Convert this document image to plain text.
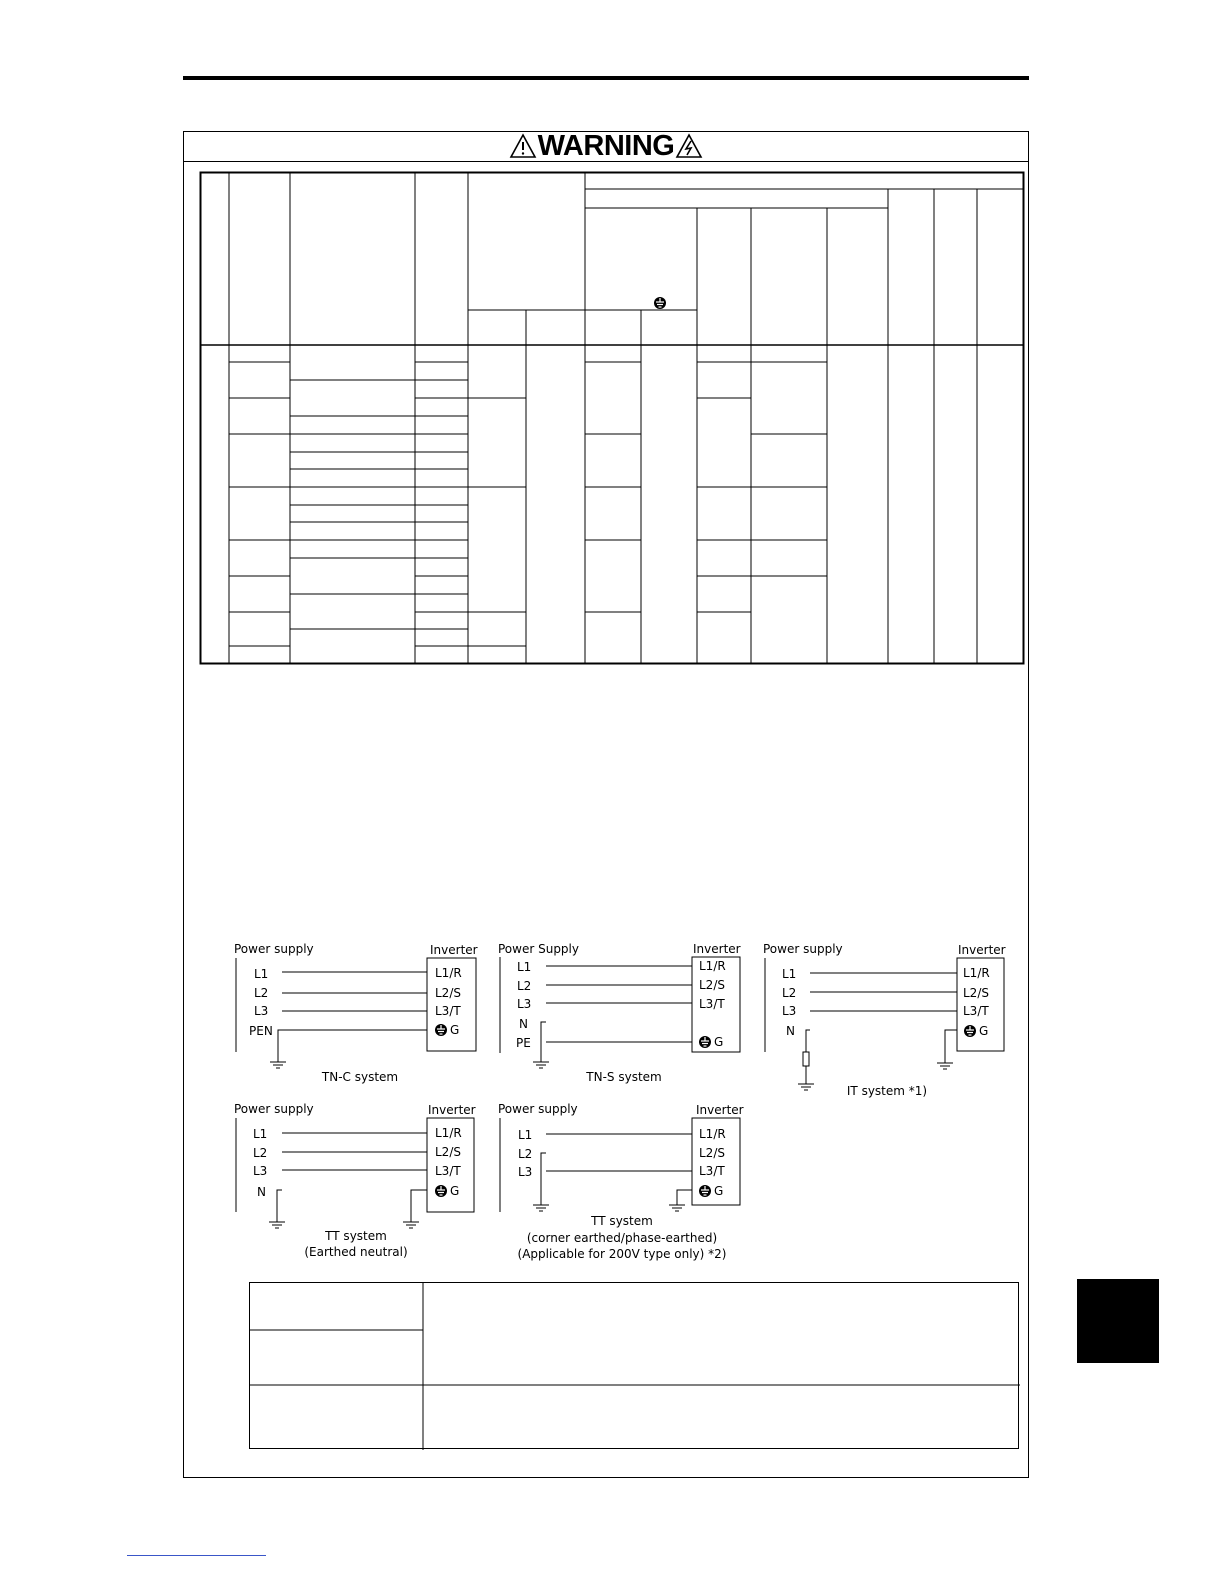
WARNING
Power supply	Inverter
L1
L2
L3
PEN
L1/R
L2/S
L3/T
G
TN-C system
Power Supply	Inverter
L1
L2
L3
N
PE
L1/R
L2/S
L3/T
G
TN-S system
Power supply	Inverter
L1
L2
L3
N
L1/R
L2/S
L3/T
G
IT system *1)
Power supply	Inverter
L1
L2
L3
N
L1/R
L2/S
L3/T
G
TT system
(Earthed neutral)
Power supply	Inverter
L1
L2
L3
L1/R
L2/S
L3/T
G
TT system
(corner earthed/phase-earthed)
(Applicable for 200V type only) *2)
